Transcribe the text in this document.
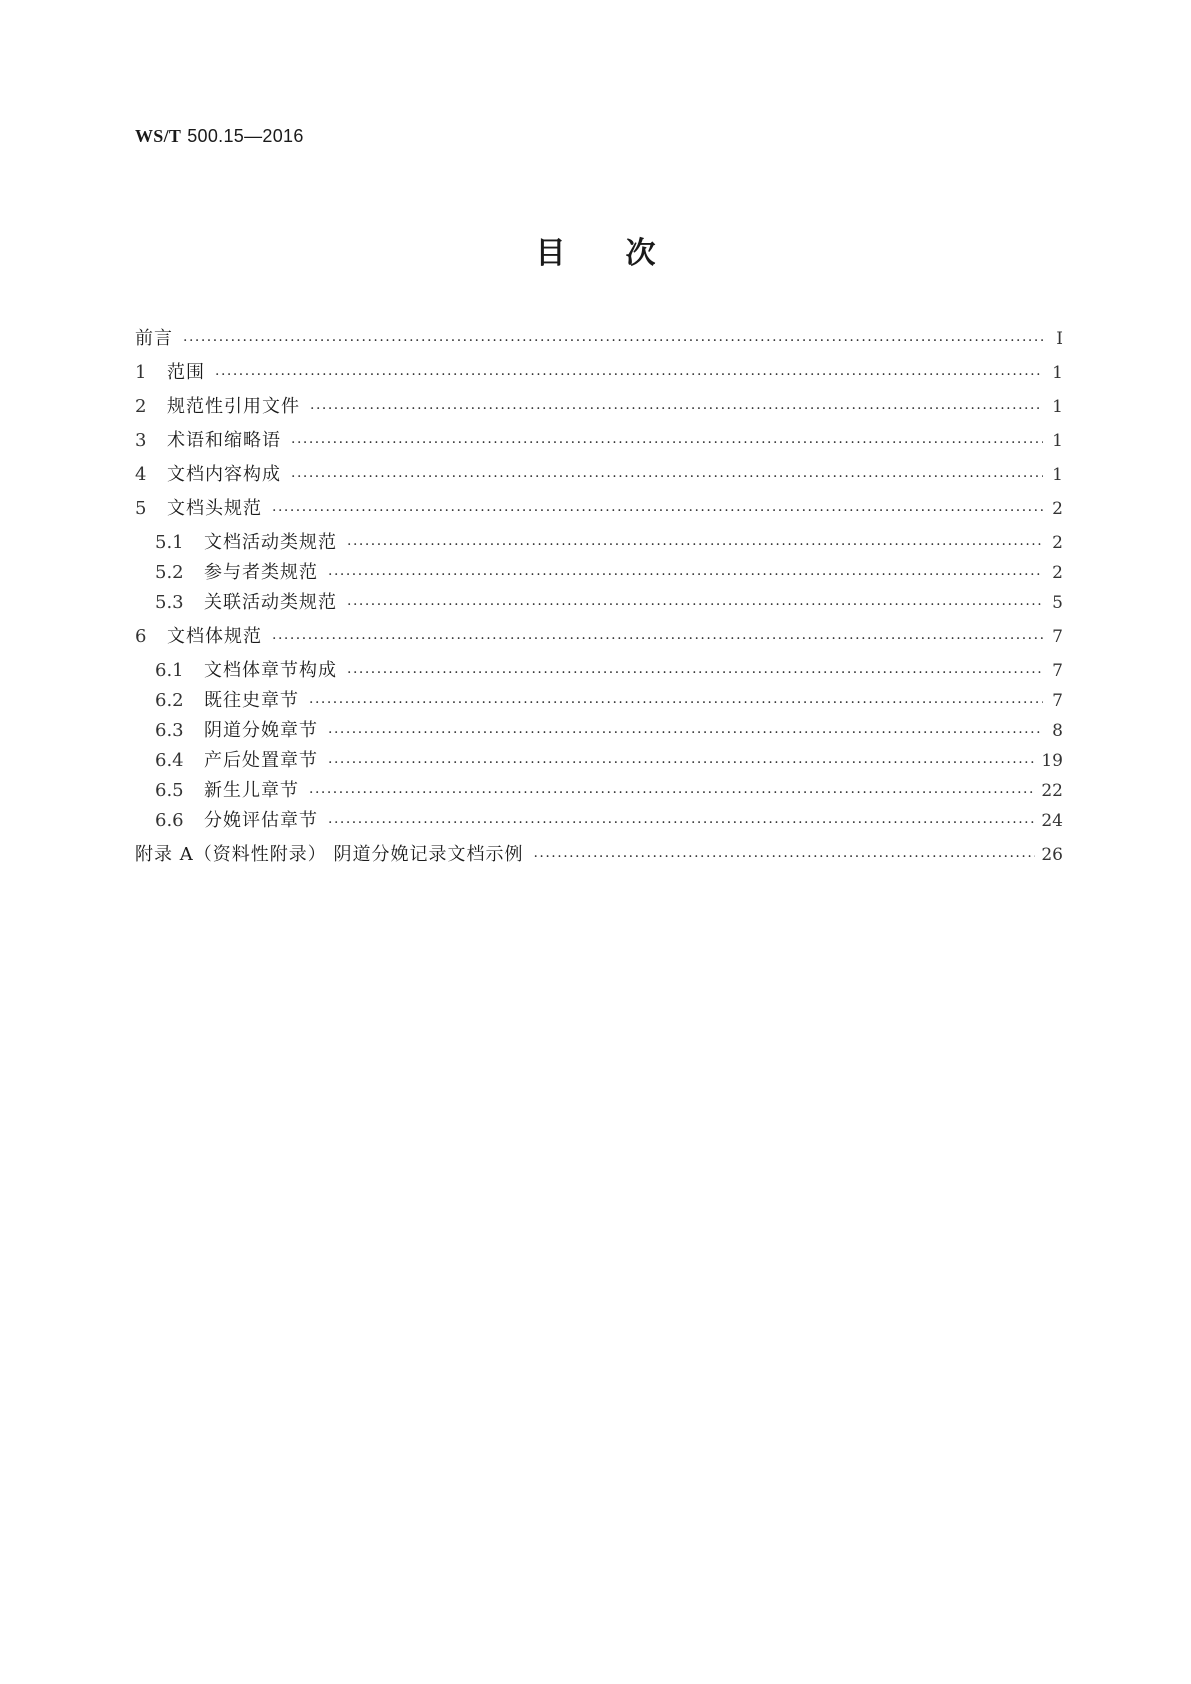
WS/T 500.15—2016
目次
前言 ·····	Ⅰ
1	范围 ·····	1
2	规范性引用文件 ·····	1
3	术语和缩略语 ·····	1
4	文档内容构成 ·····	1
5	文档头规范 ·····	2
5.1	文档活动类规范 ·····	2
5.2	参与者类规范 ·····	2
5.3	关联活动类规范 ·····	5
6	文档体规范 ·····	7
6.1	文档体章节构成 ·····	7
6.2	既往史章节 ·····	7
6.3	阴道分娩章节 ·····	8
6.4	产后处置章节 ·····	19
6.5	新生儿章节 ·····	22
6.6	分娩评估章节 ·····	24
附录 A（资料性附录） 阴道分娩记录文档示例 ·····	26
